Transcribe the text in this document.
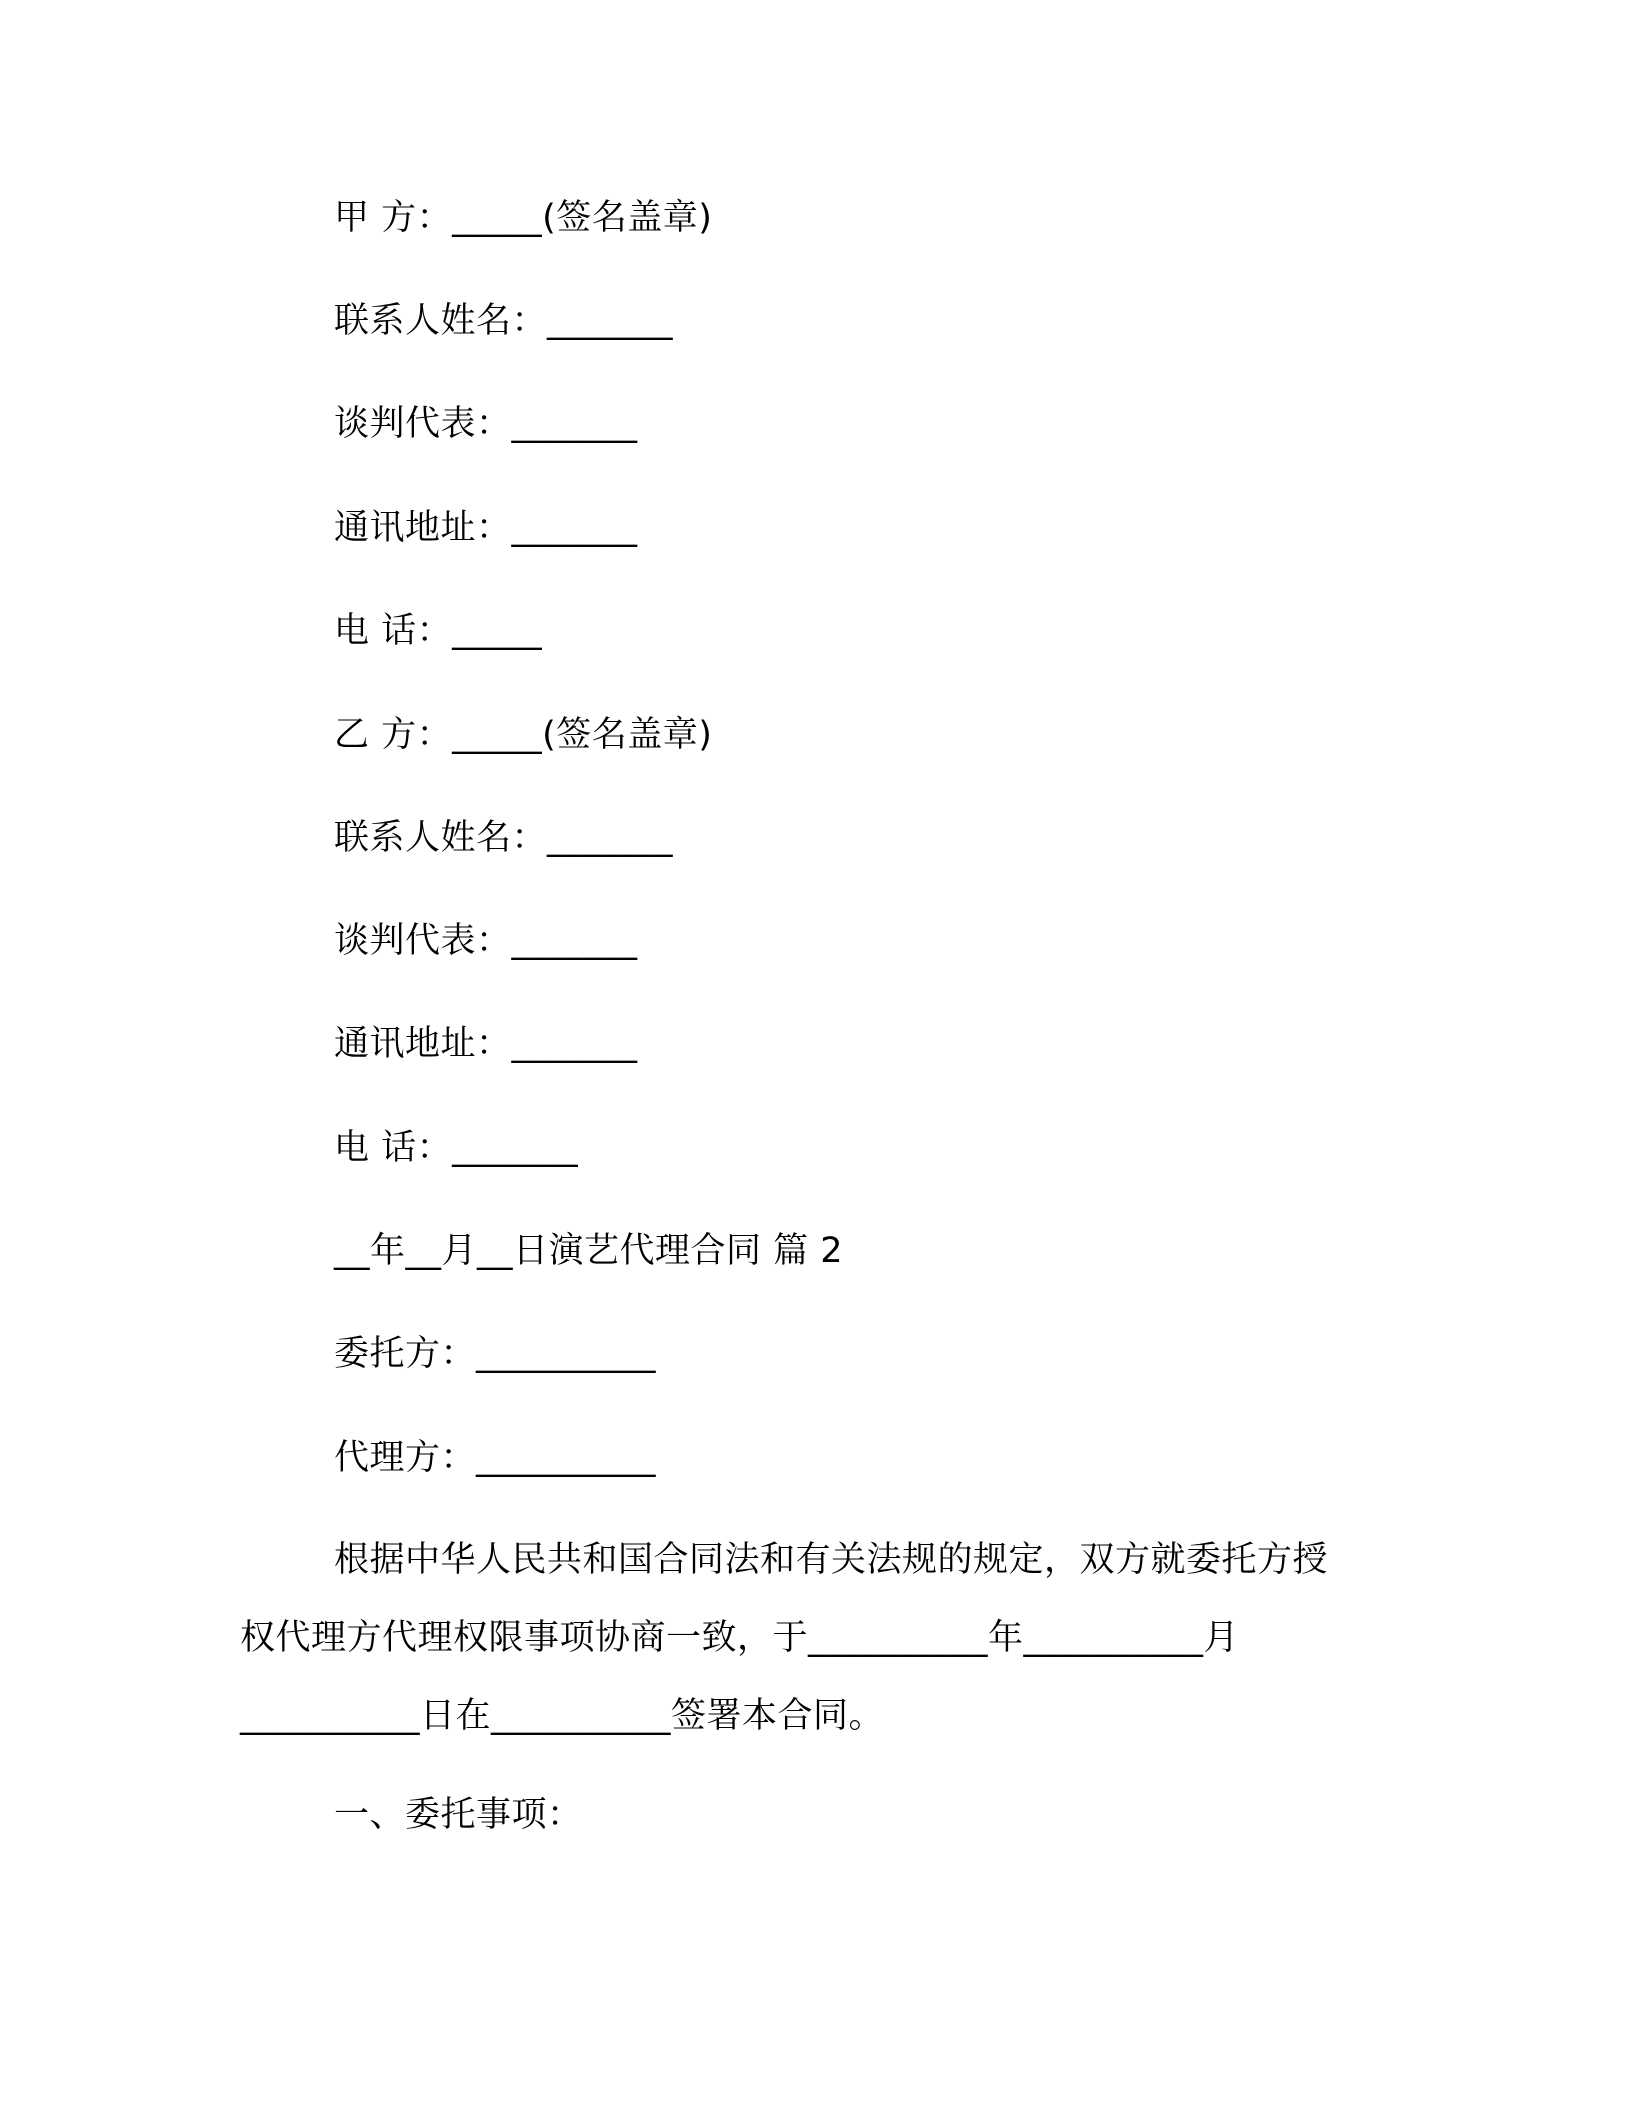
甲 方：_____(签名盖章)
联系人姓名：_______
谈判代表：_______
通讯地址：_______
电 话：_____
乙 方：_____(签名盖章)
联系人姓名：_______
谈判代表：_______
通讯地址：_______
电 话：_______
__年__月__日演艺代理合同 篇 2
委托方：__________
代理方：__________

根据中华人民共和国合同法和有关法规的规定，双方就委托方授

权代理方代理权限事项协商一致，于__________年__________月

__________日在__________签署本合同。

一、委托事项：
